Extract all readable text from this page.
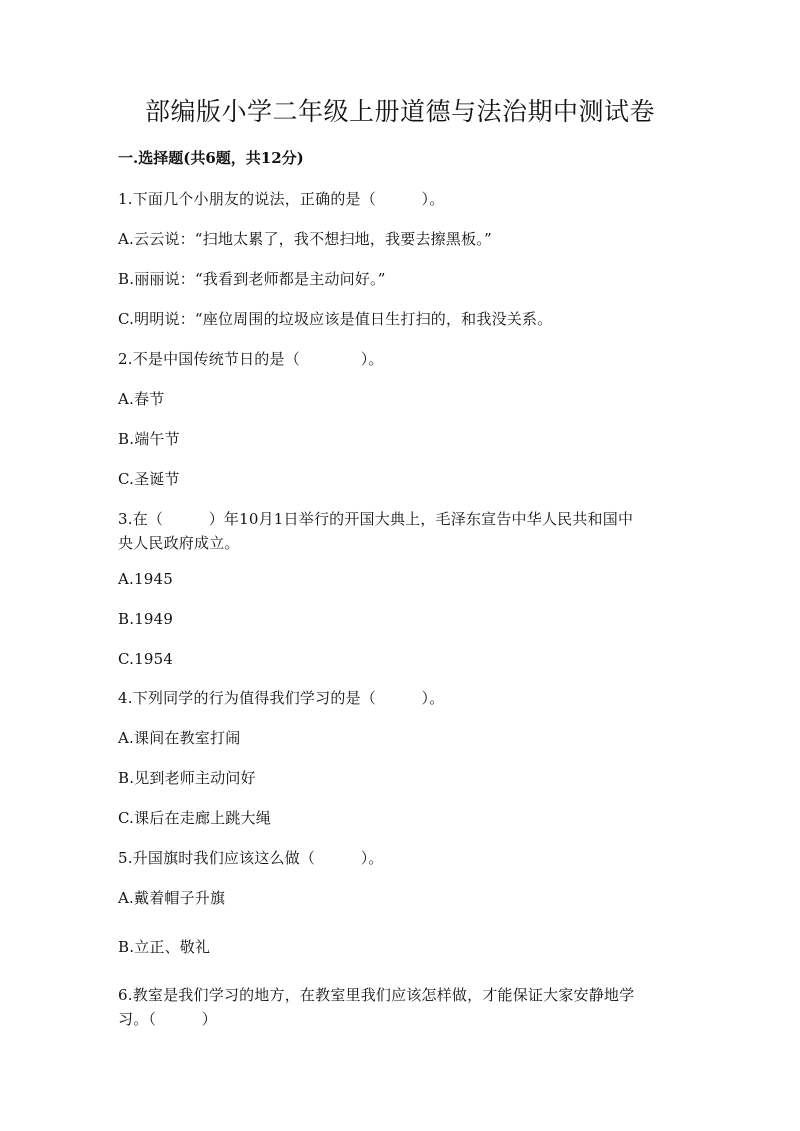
部编版小学二年级上册道德与法治期中测试卷
一.选择题(共6题，共12分)
1.下面几个小朋友的说法，正确的是（　　　）。
A.云云说：“扫地太累了，我不想扫地，我要去擦黑板。”
B.丽丽说：“我看到老师都是主动问好。”
C.明明说：“座位周围的垃圾应该是值日生打扫的，和我没关系。
2.不是中国传统节日的是（　　　　）。
A.春节
B.端午节
C.圣诞节
3.在（　　　）年10月1日举行的开国大典上，毛泽东宣告中华人民共和国中
央人民政府成立。
A.1945
B.1949
C.1954
4.下列同学的行为值得我们学习的是（　　　）。
A.课间在教室打闹
B.见到老师主动问好
C.课后在走廊上跳大绳
5.升国旗时我们应该这么做（　　　）。
A.戴着帽子升旗
B.立正、敬礼
6.教室是我们学习的地方，在教室里我们应该怎样做，才能保证大家安静地学
习。（　　　）
